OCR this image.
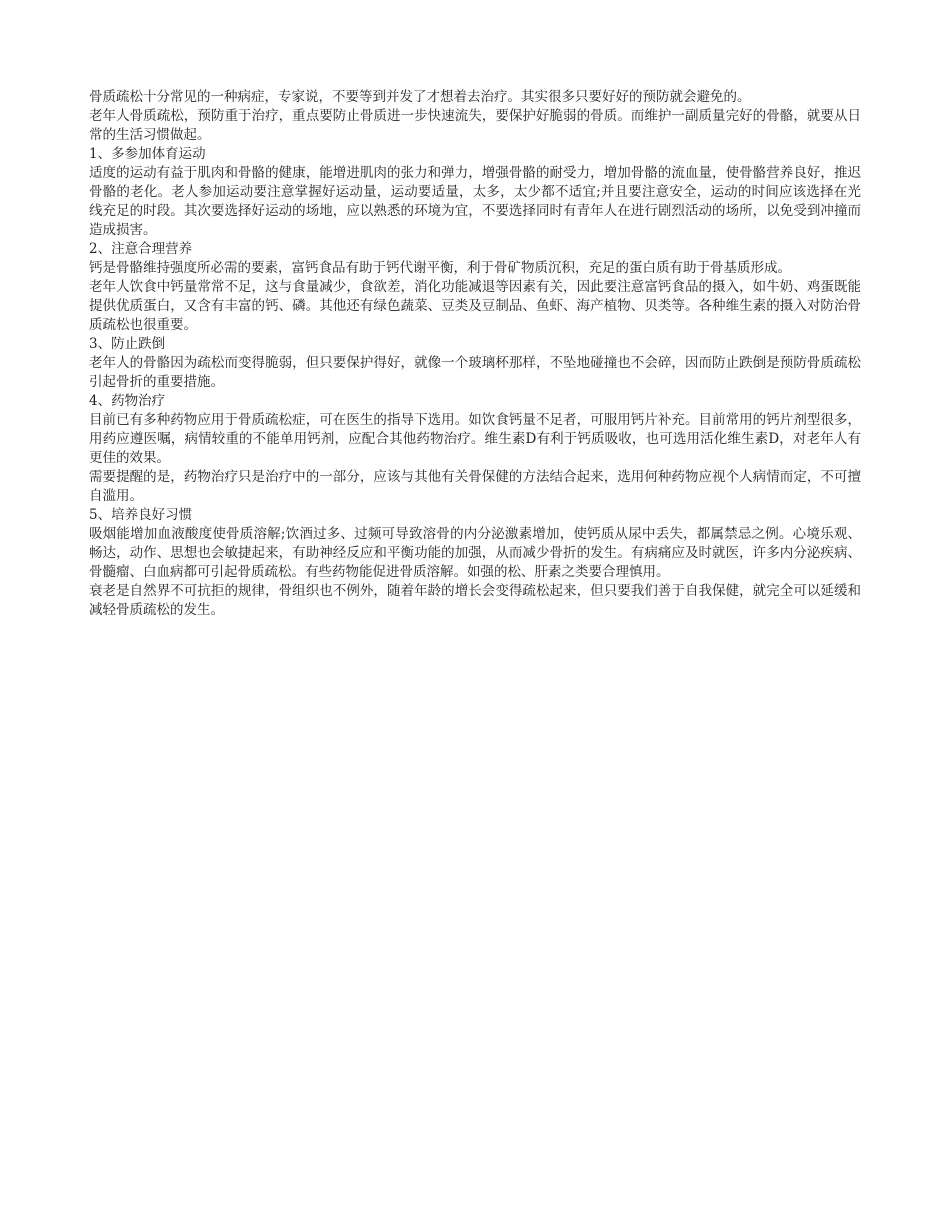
骨质疏松十分常见的一种病症，专家说，不要等到并发了才想着去治疗。其实很多只要好好的预防就会避免的。

老年人骨质疏松，预防重于治疗，重点要防止骨质进一步快速流失，要保护好脆弱的骨质。而维护一副质量完好的骨骼，就要从日常的生活习惯做起。

1、多参加体育运动

适度的运动有益于肌肉和骨骼的健康，能增进肌肉的张力和弹力，增强骨骼的耐受力，增加骨骼的流血量，使骨骼营养良好，推迟骨骼的老化。老人参加运动要注意掌握好运动量，运动要适量，太多，太少都不适宜;并且要注意安全，运动的时间应该选择在光线充足的时段。其次要选择好运动的场地，应以熟悉的环境为宜，不要选择同时有青年人在进行剧烈活动的场所，以免受到冲撞而造成损害。

2、注意合理营养

钙是骨骼维持强度所必需的要素，富钙食品有助于钙代谢平衡，利于骨矿物质沉积，充足的蛋白质有助于骨基质形成。

老年人饮食中钙量常常不足，这与食量减少，食欲差，消化功能减退等因素有关，因此要注意富钙食品的摄入，如牛奶、鸡蛋既能提供优质蛋白，又含有丰富的钙、磷。其他还有绿色蔬菜、豆类及豆制品、鱼虾、海产植物、贝类等。各种维生素的摄入对防治骨质疏松也很重要。

3、防止跌倒

老年人的骨骼因为疏松而变得脆弱，但只要保护得好，就像一个玻璃杯那样，不坠地碰撞也不会碎，因而防止跌倒是预防骨质疏松引起骨折的重要措施。

4、药物治疗

目前已有多种药物应用于骨质疏松症，可在医生的指导下选用。如饮食钙量不足者，可服用钙片补充。目前常用的钙片剂型很多，用药应遵医嘱，病情较重的不能单用钙剂，应配合其他药物治疗。维生素D有利于钙质吸收，也可选用活化维生素D，对老年人有更佳的效果。

需要提醒的是，药物治疗只是治疗中的一部分，应该与其他有关骨保健的方法结合起来，选用何种药物应视个人病情而定，不可擅自滥用。

5、培养良好习惯

吸烟能增加血液酸度使骨质溶解;饮酒过多、过频可导致溶骨的内分泌激素增加，使钙质从尿中丢失，都属禁忌之例。心境乐观、畅达，动作、思想也会敏捷起来，有助神经反应和平衡功能的加强，从而减少骨折的发生。有病痛应及时就医，许多内分泌疾病、骨髓瘤、白血病都可引起骨质疏松。有些药物能促进骨质溶解。如强的松、肝素之类要合理慎用。

衰老是自然界不可抗拒的规律，骨组织也不例外，随着年龄的增长会变得疏松起来，但只要我们善于自我保健，就完全可以延缓和减轻骨质疏松的发生。
